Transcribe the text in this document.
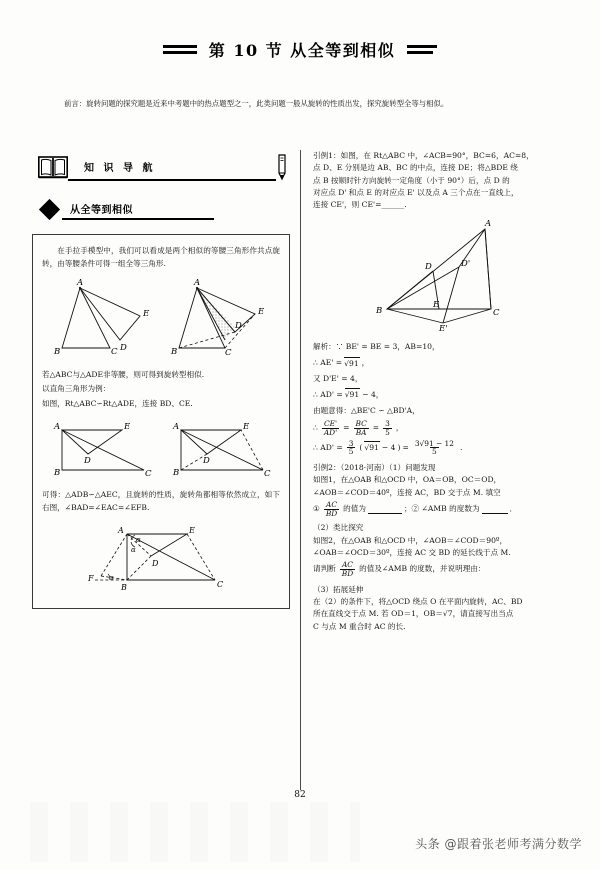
第 10 节 从全等到相似
前言：旋转问题的探究题是近来中考题中的热点题型之一，此类问题一般从旋转的性质出发，探究旋转型全等与相似。
知 识 导 航
从全等到相似

在手拉手模型中，我们可以看成是两个相似的等腰三角形作共点旋转，由等腰条件可得一组全等三角形.

A
B	C D
E
A
B	C
D
E

若△ABC与△ADE非等腰，则可得到旋转型相似.

以直角三角形为例：

如图，Rt△ABC∽Rt△ADE，连接 BD、CE.

A
B	C
D
E	A
B	C
D
E

可得：△ADB∽△AEC，且旋转的性质，旋转角都相等依然成立，如下右图，∠BAD=∠EAC=∠EFB.

A
B	C
D
E
F
α
α
α

引例1：如图，在 Rt△ABC 中，∠ACB=90°，BC=6，AC=8，

点 D、E 分别是边 AB、BC 的中点，连接 DE；将△BDE 绕

点 B 按顺时针方向旋转一定角度（小于 90°）后，点 D 的

对应点 D' 和点 E 的对应点 E' 以及点 A 三个点在一直线上，

连接 CE'，则 CE'=______.

A
B	C
D	D'
E
E'

解析：∵ BE' = BE = 3，AB=10，

∴ AE' = √91 ，

又 D'E' = 4，

∴ AD' = √91 − 4，

由题意得：△BE'C ∽ △BD'A，

∴ $\frac{CE'}{AD'} = \frac{BC}{BA} = \frac{3}{5}$ ，

∴ $AD' = \frac{3}{5}$ ( √91 − 4 ) = $\frac{3√91 - 12}{5}$ .

引例2：（2018·河南）（1）问题发现

如图1，在△OAB 和△OCD 中，OA＝OB，OC＝OD，

∠AOB＝∠COD＝40º，连接 AC，BD 交于点 M. 填空

① $\frac{AC}{BD}$ 的值为	；② ∠AMB 的度数为	．

（2）类比探究

如图2，在△OAB 和△OCD 中，∠AOB＝∠COD＝90º，

∠OAB＝∠OCD＝30º，连接 AC 交 BD 的延长线于点 M.

请判断 $\frac{AC}{BD}$ 的值及∠AMB 的度数，并说明理由：

（3）拓展延伸

在（2）的条件下，将△OCD 绕点 O 在平面内旋转，AC、BD

所在直线交于点 M. 若 OD＝1，OB＝√7，请直接写出当点

C 与点 M 重合时 AC 的长.

82
头条 @跟着张老师考满分数学
